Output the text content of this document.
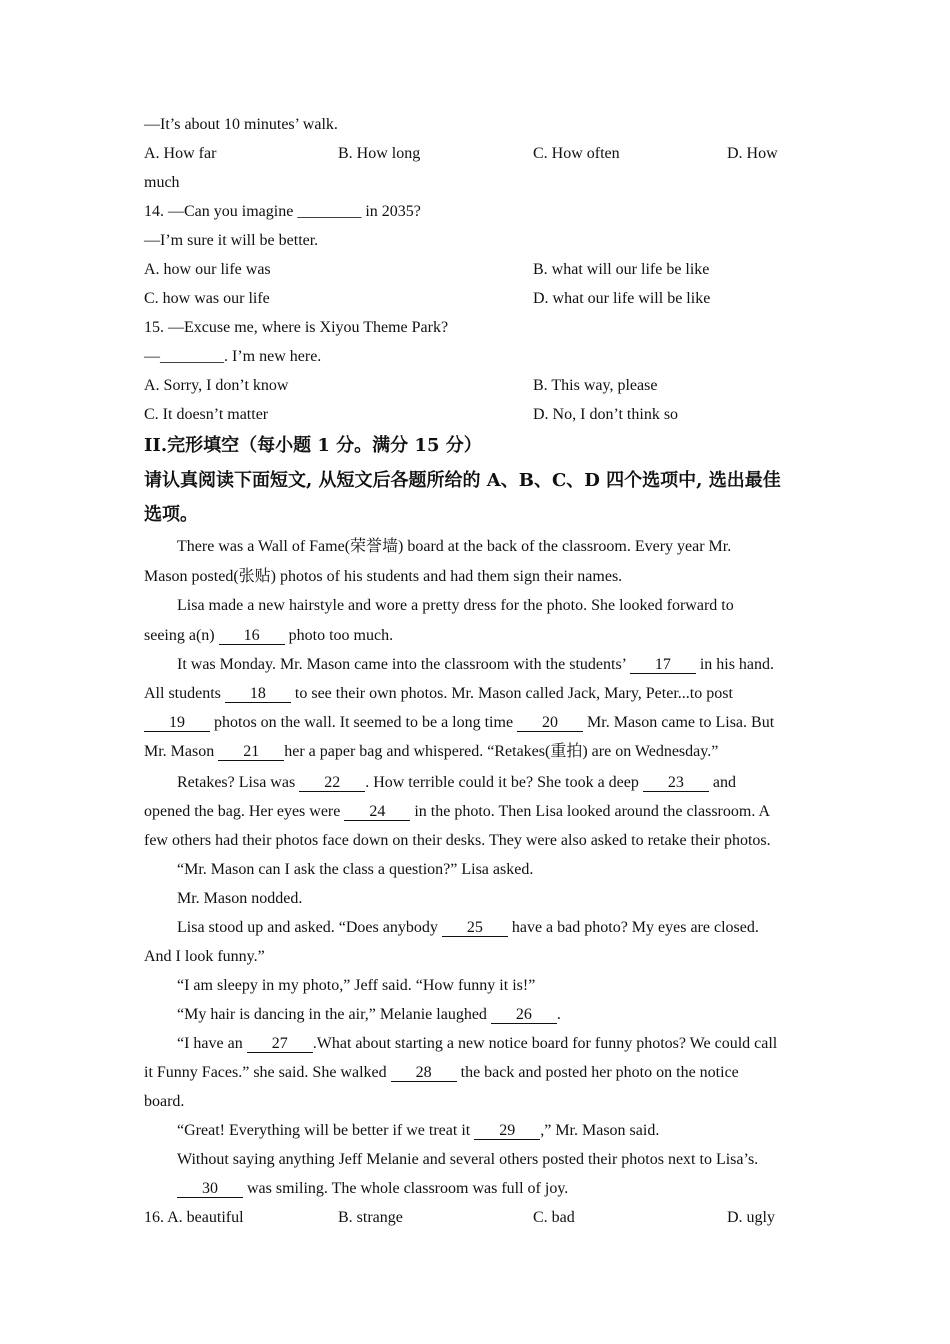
—It’s about 10 minutes’ walk.
A. How far	B. How long	C. How often	D. How
much
14. —Can you imagine ________ in 2035?
—I’m sure it will be better.
A. how our life was	B. what will our life be like
C. how was our life	D. what our life will be like
15. —Excuse me, where is Xiyou Theme Park?
—________. I’m new here.
A. Sorry, I don’t know	B. This way, please
C. It doesn’t matter	D. No, I don’t think so
II.完形填空（每小题 1 分。满分 15 分）
请认真阅读下面短文, 从短文后各题所给的 A、B、C、D 四个选项中, 选出最佳
选项。
There was a Wall of Fame(荣誉墙) board at the back of the classroom. Every year Mr.
Mason posted(张贴) photos of his students and had them sign their names.
Lisa made a new hairstyle and wore a pretty dress for the photo. She looked forward to
seeing a(n) 16 photo too much.
It was Monday. Mr. Mason came into the classroom with the students’ 17 in his hand.
All students 18 to see their own photos. Mr. Mason called Jack, Mary, Peter...to post
19 photos on the wall. It seemed to be a long time 20 Mr. Mason came to Lisa. But
Mr. Mason 21 her a paper bag and whispered. “Retakes(重拍) are on Wednesday.”
Retakes? Lisa was 22 . How terrible could it be? She took a deep 23 and
opened the bag. Her eyes were 24 in the photo. Then Lisa looked around the classroom. A
few others had their photos face down on their desks. They were also asked to retake their photos.
“Mr. Mason can I ask the class a question?” Lisa asked.
Mr. Mason nodded.
Lisa stood up and asked. “Does anybody 25 have a bad photo? My eyes are closed.
And I look funny.”
“I am sleepy in my photo,” Jeff said. “How funny it is!”
“My hair is dancing in the air,” Melanie laughed 26 .
“I have an 27 .What about starting a new notice board for funny photos? We could call
it Funny Faces.” she said. She walked 28 the back and posted her photo on the notice
board.
“Great! Everything will be better if we treat it 29 ,” Mr. Mason said.
Without saying anything Jeff Melanie and several others posted their photos next to Lisa’s.
30 was smiling. The whole classroom was full of joy.
16. A. beautiful	B. strange	C. bad	D. ugly
